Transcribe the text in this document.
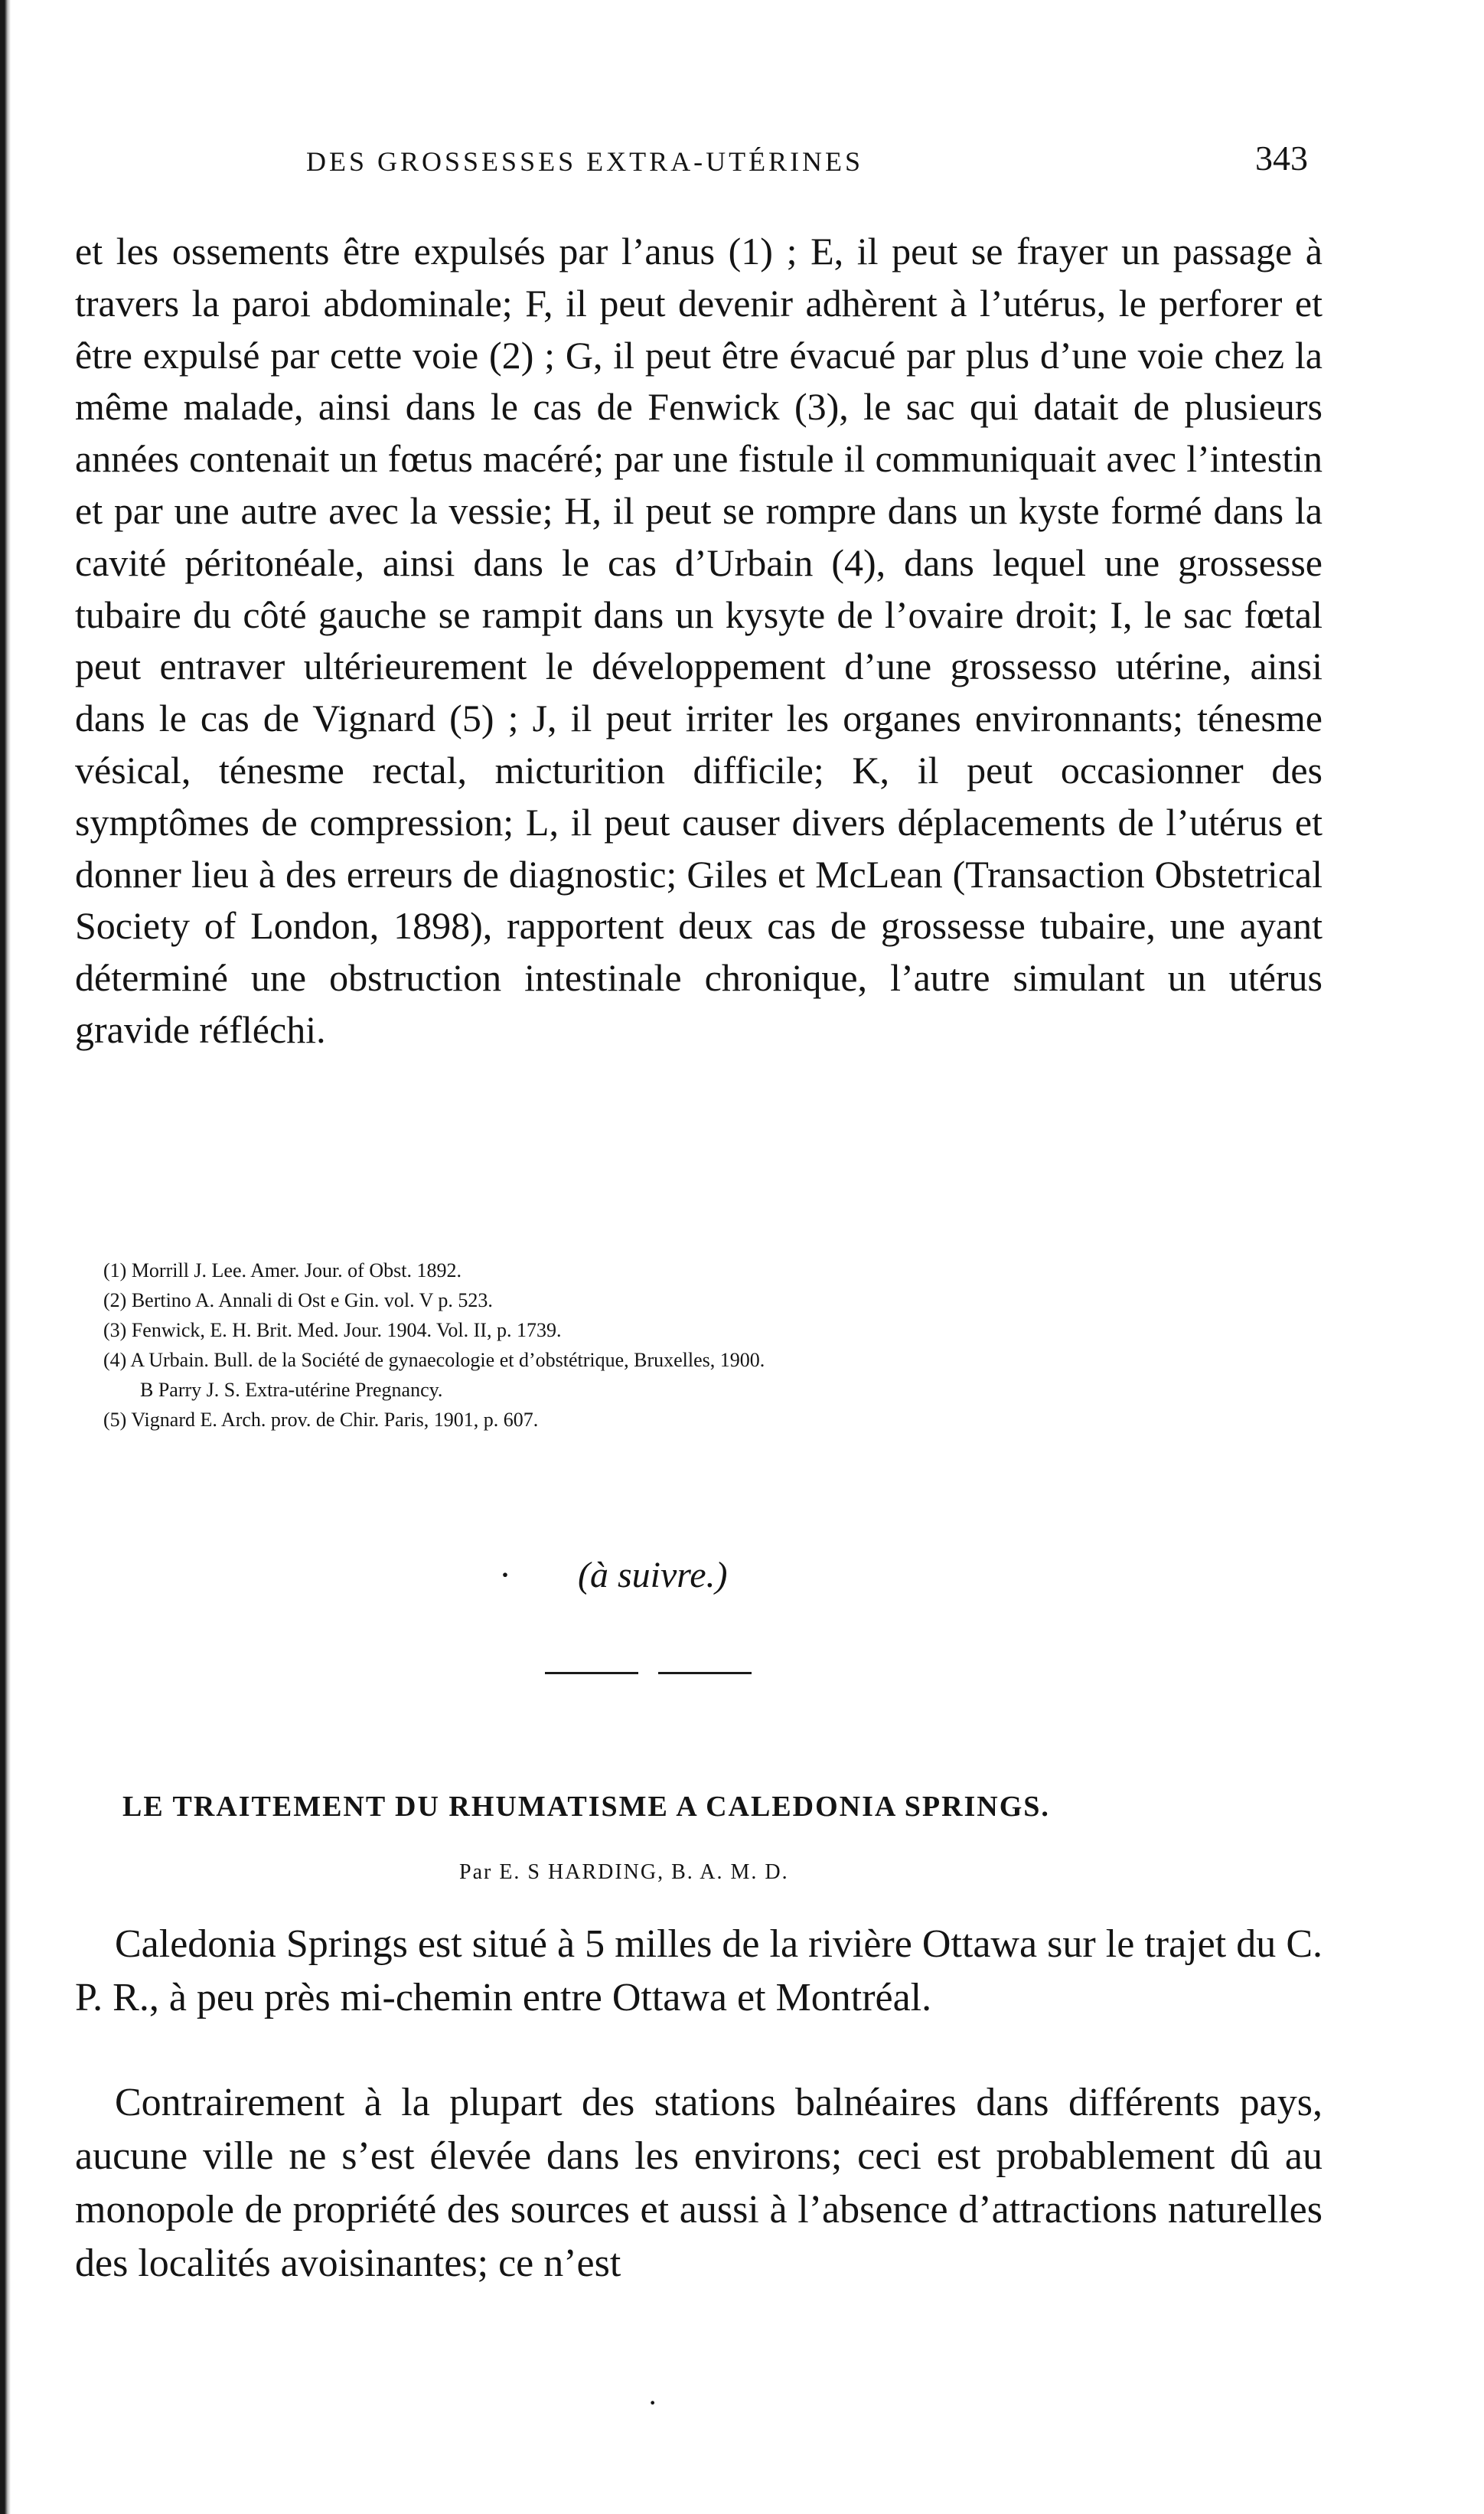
DES GROSSESSES EXTRA-UTÉRINES	343
et les ossements être expulsés par l’anus (1) ; E, il peut se frayer un passage à travers la paroi abdominale; F, il peut devenir adhèrent à l’utérus, le perforer et être expulsé par cette voie (2) ; G, il peut être évacué par plus d’une voie chez la même malade, ainsi dans le cas de Fenwick (3), le sac qui datait de plusieurs années contenait un fœtus macéré; par une fistule il communiquait avec l’intestin et par une autre avec la vessie; H, il peut se rompre dans un kyste formé dans la cavité péritonéale, ainsi dans le cas d’Urbain (4), dans lequel une grossesse tubaire du côté gauche se rampit dans un kysyte de l’ovaire droit; I, le sac fœtal peut entraver ultérieurement le développement d’une grossesso utérine, ainsi dans le cas de Vignard (5) ; J, il peut irriter les organes environnants; ténesme vésical, ténesme rectal, micturition difficile; K, il peut occasionner des symptômes de compression; L, il peut causer divers déplacements de l’utérus et donner lieu à des erreurs de diagnostic; Giles et McLean (Transaction Obstetrical Society of London, 1898), rapportent deux cas de grossesse tubaire, une ayant déterminé une obstruction intestinale chronique, l’autre simulant un utérus gravide réfléchi.
(1) Morrill J. Lee. Amer. Jour. of Obst. 1892.
(2) Bertino A. Annali di Ost e Gin. vol. V p. 523.
(3) Fenwick, E. H. Brit. Med. Jour. 1904. Vol. II, p. 1739.
(4) A Urbain. Bull. de la Société de gynaecologie et d’obstétrique, Bruxelles, 1900.
B Parry J. S. Extra-utérine Pregnancy.
(5) Vignard E. Arch. prov. de Chir. Paris, 1901, p. 607.
· (à suivre.)
LE TRAITEMENT DU RHUMATISME A CALEDONIA SPRINGS.
Par E. S HARDING, B. A. M. D.
Caledonia Springs est situé à 5 milles de la rivière Ottawa sur le trajet du C. P. R., à peu près mi-chemin entre Ottawa et Montréal.
Contrairement à la plupart des stations balnéaires dans différents pays, aucune ville ne s’est élevée dans les environs; ceci est probablement dû au monopole de propriété des sources et aussi à l’absence d’attractions naturelles des localités avoisinantes; ce n’est
·
